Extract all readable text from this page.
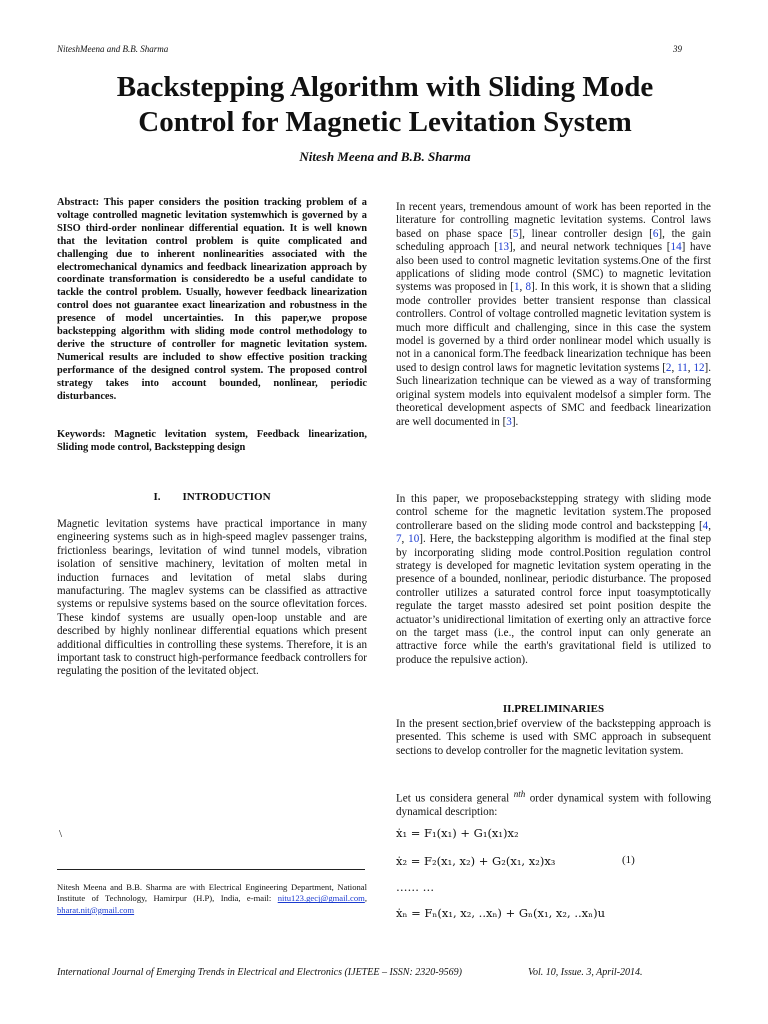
NiteshMeena and B.B. Sharma	39
Backstepping Algorithm with Sliding Mode
Control for Magnetic Levitation System
Nitesh Meena and B.B. Sharma
Abstract: This paper considers the position tracking problem of a voltage controlled magnetic levitation systemwhich is governed by a SISO third-order nonlinear differential equation. It is well known that the levitation control problem is quite complicated and challenging due to inherent nonlinearities associated with the electromechanical dynamics and feedback linearization approach by coordinate transformation is consideredto be a useful candidate to tackle the control problem. Usually, however feedback linearization control does not guarantee exact linearization and robustness in the presence of model uncertainties. In this paper,we propose backstepping algorithm with sliding mode control methodology to derive the structure of controller for magnetic levitation system. Numerical results are included to show effective position tracking performance of the designed control system. The proposed control strategy takes into account bounded, nonlinear, periodic disturbances.
Keywords: Magnetic levitation system, Feedback linearization, Sliding mode control, Backstepping design
I.  INTRODUCTION
Magnetic levitation systems have practical importance in many engineering systems such as in high-speed maglev passenger trains, frictionless bearings, levitation of wind tunnel models, vibration isolation of sensitive machinery, levitation of molten metal in induction furnaces and levitation of metal slabs during manufacturing. The maglev systems can be classified as attractive systems or repulsive systems based on the source oflevitation forces. These kindof systems are usually open-loop unstable and are described by highly nonlinear differential equations which present additional difficulties in controlling these systems. Therefore, it is an important task to construct high-performance feedback controllers for regulating the position of the levitated object.
\
Nitesh Meena and B.B. Sharma are with Electrical Engineering Department, National Institute of Technology, Hamirpur (H.P), India, e-mail: nitu123.gecj@gmail.com, bharat.nit@gmail.com
In recent years, tremendous amount of work has been reported in the literature for controlling magnetic levitation systems. Control laws based on phase space [5], linear controller design [6], the gain scheduling approach [13], and neural network techniques [14] have also been used to control magnetic levitation systems.One of the first applications of sliding mode control (SMC) to magnetic levitation systems was proposed in [1, 8]. In this work, it is shown that a sliding mode controller provides better transient response than classical controllers. Control of voltage controlled magnetic levitation system is much more difficult and challenging, since in this case the system model is governed by a third order nonlinear model which usually is not in a canonical form.The feedback linearization technique has been used to design control laws for magnetic levitation systems [2, 11, 12]. Such linearization technique can be viewed as a way of transforming original system models into equivalent modelsof a simpler form. The theoretical development aspects of SMC and feedback linearization are well documented in [3].
In this paper, we proposebackstepping strategy with sliding mode control scheme for the magnetic levitation system.The proposed controllerare based on the sliding mode control and backstepping [4, 7, 10]. Here, the backstepping algorithm is modified at the final step by incorporating sliding mode control.Position regulation control strategy is developed for magnetic levitation system operating in the presence of a bounded, nonlinear, periodic disturbance. The proposed controller utilizes a saturated control force input toasymptotically regulate the target massto adesired set point position despite the actuator’s unidirectional limitation of exerting only an attractive force on the target mass (i.e., the control input can only generate an attractive force while the earth's gravitational field is utilized to produce the repulsive action).
II.PRELIMINARIES
In the present section,brief overview of the backstepping approach is presented. This scheme is used with SMC approach in subsequent sections to develop controller for the magnetic levitation system.
Let us considera general $^{nth}$ order dynamical system with following dynamical description:
ẋ₁ = F₁(x₁) + G₁(x₁)x₂
ẋ₂ = F₂(x₁, x₂) + G₂(x₁, x₂)x₃
…… …
ẋₙ = Fₙ(x₁, x₂, ..xₙ) + Gₙ(x₁, x₂, ..xₙ)u
(1)
International Journal of Emerging Trends in Electrical and Electronics (IJETEE – ISSN: 2320-9569)	Vol. 10, Issue. 3, April-2014.
